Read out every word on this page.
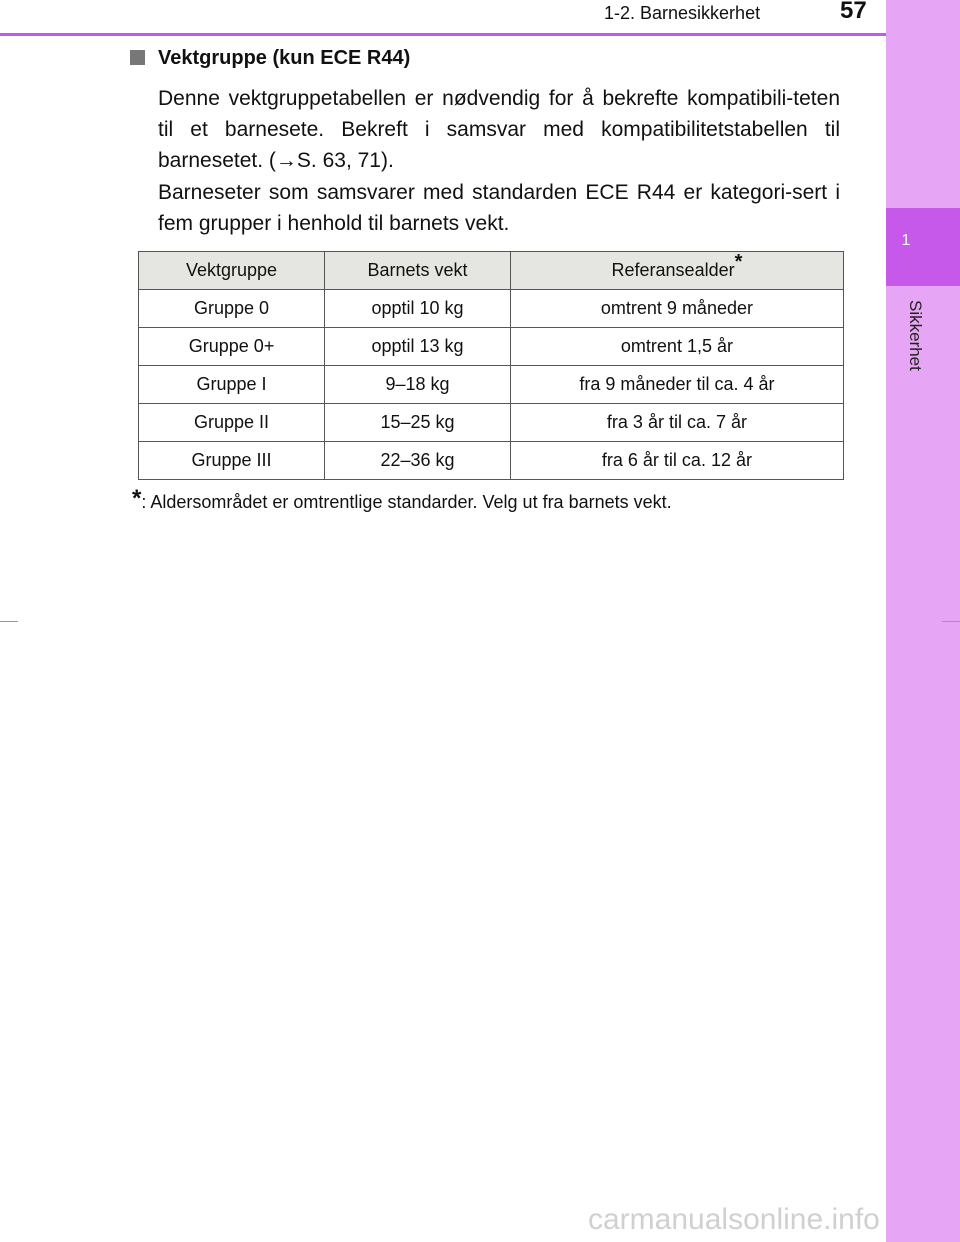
1
Sikkerhet
1-2. Barnesikkerhet	57
Vektgruppe (kun ECE R44)
Denne vektgruppetabellen er nødvendig for å bekrefte kompatibili-teten til et barnesete. Bekreft i samsvar med kompatibilitetstabellen til barnesetet. (→S. 63, 71).
Barneseter som samsvarer med standarden ECE R44 er kategori-sert i fem grupper i henhold til barnets vekt.
Vektgruppe	Barnets vekt	Referansealder*
Gruppe 0	opptil 10 kg	omtrent 9 måneder
Gruppe 0+	opptil 13 kg	omtrent 1,5 år
Gruppe I	9–18 kg	fra 9 måneder til ca. 4 år
Gruppe II	15–25 kg	fra 3 år til ca. 7 år
Gruppe III	22–36 kg	fra 6 år til ca. 12 år
*: Aldersområdet er omtrentlige standarder. Velg ut fra barnets vekt.
carmanualsonline.info
